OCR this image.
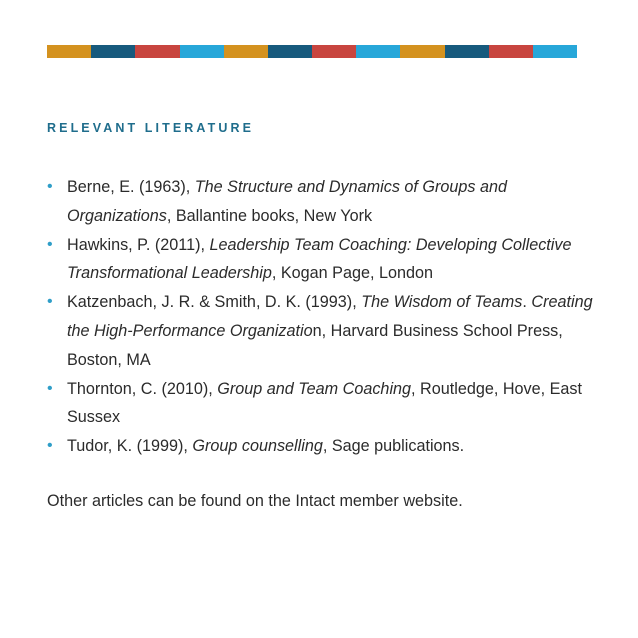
RELEVANT LITERATURE
• Berne, E. (1963), The Structure and Dynamics of Groups and Organizations, Ballantine books, New York
• Hawkins, P. (2011), Leadership Team Coaching: Developing Collective Transformational Leadership, Kogan Page, London
• Katzenbach, J. R. & Smith, D. K. (1993), The Wisdom of Teams. Creating the High-Performance Organization, Harvard Business School Press, Boston, MA
• Thornton, C. (2010), Group and Team Coaching, Routledge, Hove, East Sussex
• Tudor, K. (1999), Group counselling, Sage publications.

Other articles can be found on the Intact member website.
